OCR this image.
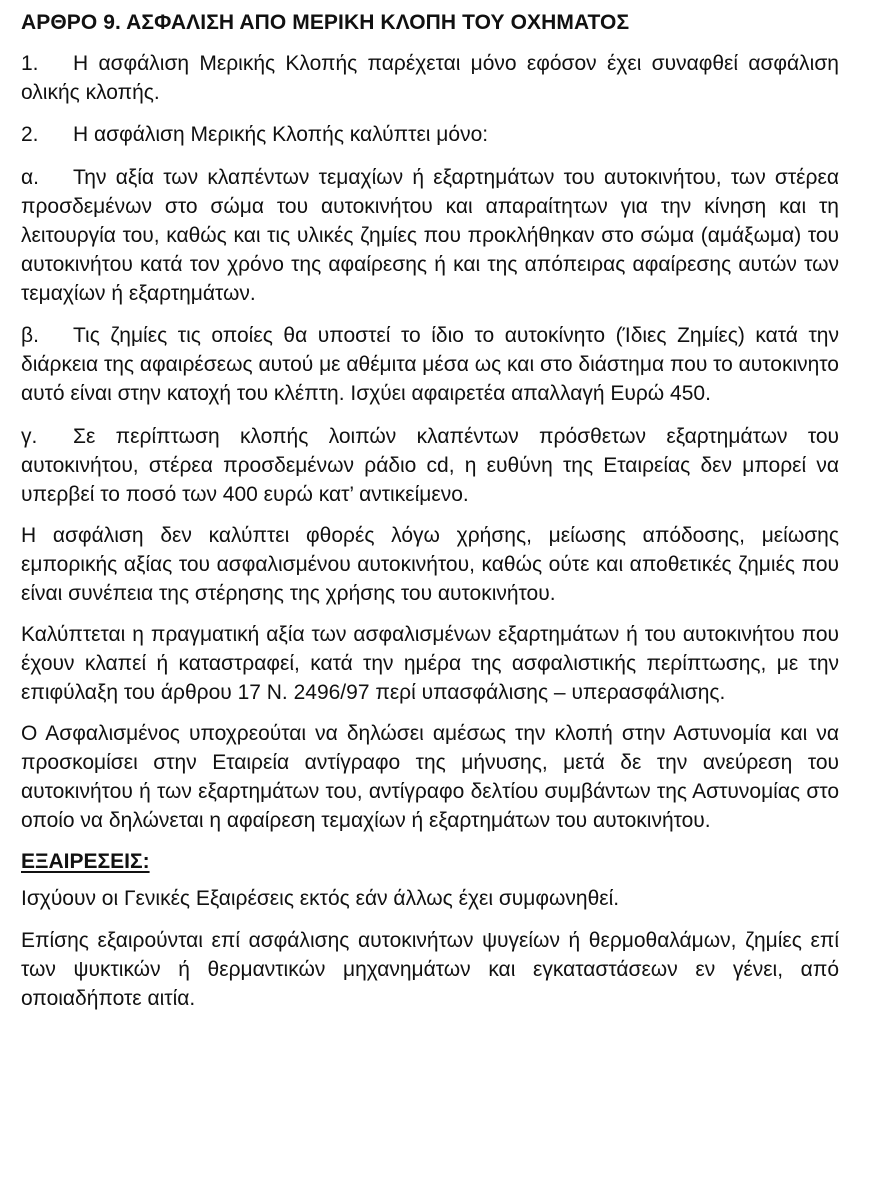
ΑΡΘΡΟ 9. ΑΣΦΑΛΙΣΗ ΑΠΟ ΜΕΡΙΚΗ ΚΛΟΠΗ ΤΟΥ ΟΧΗΜΑΤΟΣ

1. Η ασφάλιση Μερικής Κλοπής παρέχεται μόνο εφόσον έχει συναφθεί ασφάλιση ολικής κλοπής.

2. Η ασφάλιση Μερικής Κλοπής καλύπτει μόνο:

α. Την αξία των κλαπέντων τεμαχίων ή εξαρτημάτων του αυτοκινήτου, των στέρεα προσδεμένων στο σώμα του αυτοκινήτου και απαραίτητων για την κίνηση και τη λειτουργία του, καθώς και τις υλικές ζημίες που προκλήθηκαν στο σώμα (αμάξωμα) του αυτοκινήτου κατά τον χρόνο της αφαίρεσης ή και της απόπειρας αφαίρεσης αυτών των τεμαχίων ή εξαρτημάτων.

β. Τις ζημίες τις οποίες θα υποστεί το ίδιο το αυτοκίνητο (Ίδιες Ζημίες) κατά την διάρκεια της αφαιρέσεως αυτού με αθέμιτα μέσα ως και στο διάστημα που το αυτοκινητο αυτό είναι στην κατοχή του κλέπτη. Ισχύει αφαιρετέα απαλλαγή Ευρώ 450.

γ. Σε περίπτωση κλοπής λοιπών κλαπέντων πρόσθετων εξαρτημάτων του αυτοκινήτου, στέρεα προσδεμένων ράδιο cd, η ευθύνη της Εταιρείας δεν μπορεί να υπερβεί το ποσό των 400 ευρώ κατ’ αντικείμενο.

Η ασφάλιση δεν καλύπτει φθορές λόγω χρήσης, μείωσης απόδοσης, μείωσης εμπορικής αξίας του ασφαλισμένου αυτοκινήτου, καθώς ούτε και αποθετικές ζημιές που είναι συνέπεια της στέρησης της χρήσης του αυτοκινήτου.

Καλύπτεται η πραγματική αξία των ασφαλισμένων εξαρτημάτων ή του αυτοκινήτου που έχουν κλαπεί ή καταστραφεί, κατά την ημέρα της ασφαλιστικής περίπτωσης, με την επιφύλαξη του άρθρου 17 Ν. 2496/97 περί υπασφάλισης – υπερασφάλισης.

Ο Ασφαλισμένος υποχρεούται να δηλώσει αμέσως την κλοπή στην Αστυνομία και να προσκομίσει στην Εταιρεία αντίγραφο της μήνυσης, μετά δε την ανεύρεση του αυτοκινήτου ή των εξαρτημάτων του, αντίγραφο δελτίου συμβάντων της Αστυνομίας στο οποίο να δηλώνεται η αφαίρεση τεμαχίων ή εξαρτημάτων του αυτοκινήτου.

ΕΞΑΙΡΕΣΕΙΣ:

Ισχύουν οι Γενικές Εξαιρέσεις εκτός εάν άλλως έχει συμφωνηθεί.

Επίσης εξαιρούνται επί ασφάλισης αυτοκινήτων ψυγείων ή θερμοθαλάμων, ζημίες επί των ψυκτικών ή θερμαντικών μηχανημάτων και εγκαταστάσεων εν γένει, από οποιαδήποτε αιτία.
